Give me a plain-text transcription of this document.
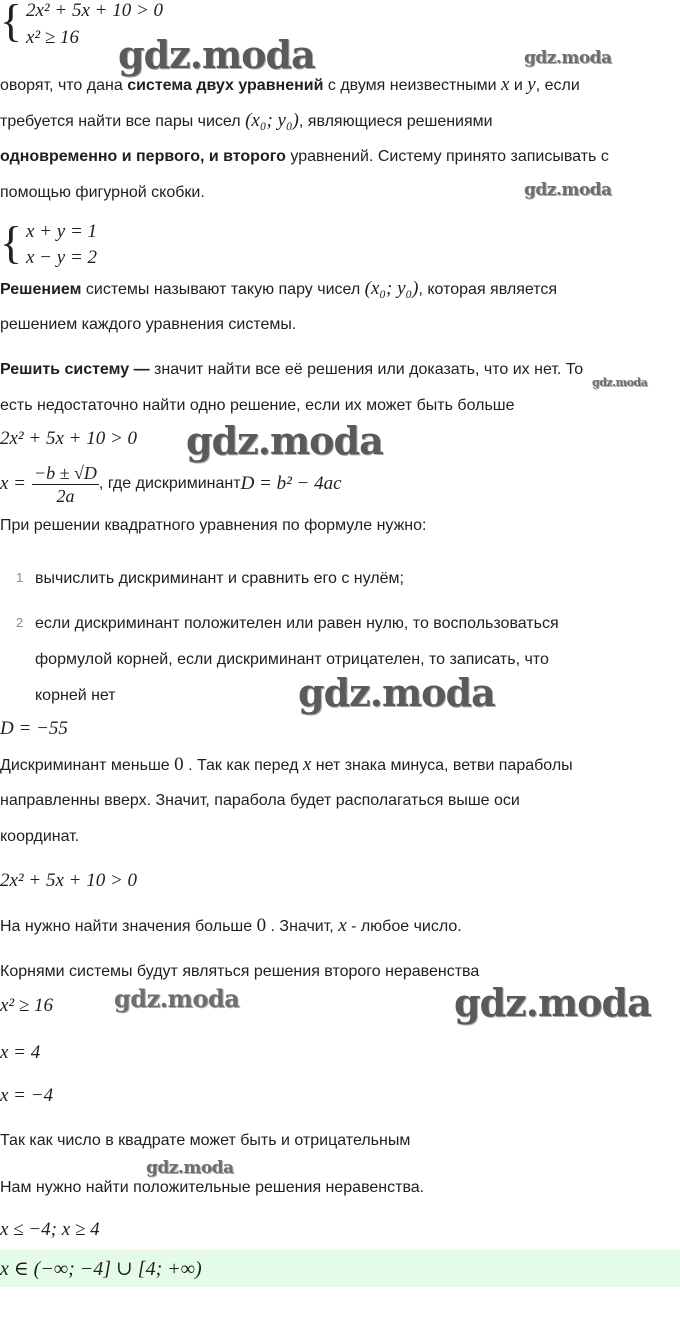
{ 2x² + 5x + 10 > 0
x² ≥ 16
оворят, что дана система двух уравнений с двумя неизвестными x и y, если
требуется найти все пары чисел (x₀; y₀), являющиеся решениями
одновременно и первого, и второго уравнений. Систему принято записывать с
помощью фигурной скобки.
{ x + y = 1
x − y = 2
Решением системы называют такую пару чисел (x₀; y₀), которая является
решением каждого уравнения системы.
Решить систему — значит найти все её решения или доказать, что их нет. То
есть недостаточно найти одно решение, если их может быть больше
2x² + 5x + 10 > 0
$x = \frac{-b \pm √D}{2a}$ , где дискриминант D = b² − 4ac
При решении квадратного уравнения по формуле нужно:
1 вычислить дискриминант и сравнить его с нулём;
2 если дискриминант положителен или равен нулю, то воспользоваться
формулой корней, если дискриминант отрицателен, то записать, что
корней нет
D = −55
Дискриминант меньше 0 . Так как перед x нет знака минуса, ветви параболы
направленны вверх. Значит, парабола будет располагаться выше оси
координат.
2x² + 5x + 10 > 0
На нужно найти значения больше 0 . Значит, x - любое число.
Корнями системы будут являться решения второго неравенства
x² ≥ 16
x = 4
x = −4
Так как число в квадрате может быть и отрицательным
Нам нужно найти положительные решения неравенства.
x ≤ −4; x ≥ 4
x ∈ (−∞; −4] ∪ [4; +∞)
gdz.moda	gdz.moda
gdz.moda
gdz.moda
gdz.moda
gdz.moda
gdz.moda	gdz.moda
gdz.moda
